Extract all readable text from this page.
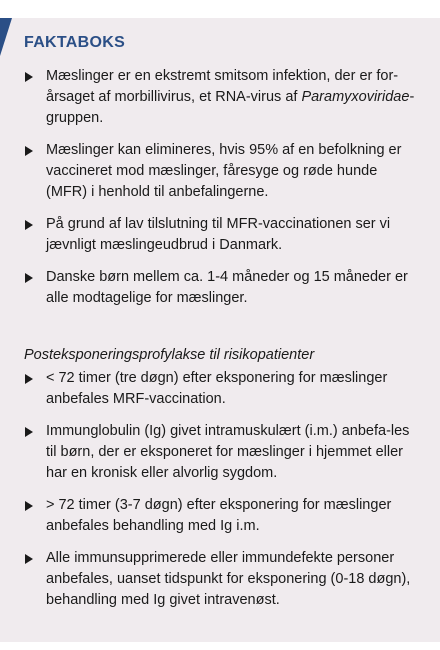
FAKTABOKS
Mæslinger er en ekstremt smitsom infektion, der er for-årsaget af morbillivirus, et RNA-virus af Paramyxoviridae-gruppen.
Mæslinger kan elimineres, hvis 95% af en befolkning er vaccineret mod mæslinger, fåresyge og røde hunde (MFR) i henhold til anbefalingerne.
På grund af lav tilslutning til MFR-vaccinationen ser vi jævnligt mæslingeudbrud i Danmark.
Danske børn mellem ca. 1-4 måneder og 15 måneder er alle modtagelige for mæslinger.

Posteksponeringsprofylakse til risikopatienter

< 72 timer (tre døgn) efter eksponering for mæslinger anbefales MRF-vaccination.
Immunglobulin (Ig) givet intramuskulært (i.m.) anbefa-les til børn, der er eksponeret for mæslinger i hjemmet eller har en kronisk eller alvorlig sygdom.
> 72 timer (3-7 døgn) efter eksponering for mæslinger anbefales behandling med Ig i.m.
Alle immunsupprimerede eller immundefekte personer anbefales, uanset tidspunkt for eksponering (0-18 døgn), behandling med Ig givet intravenøst.
